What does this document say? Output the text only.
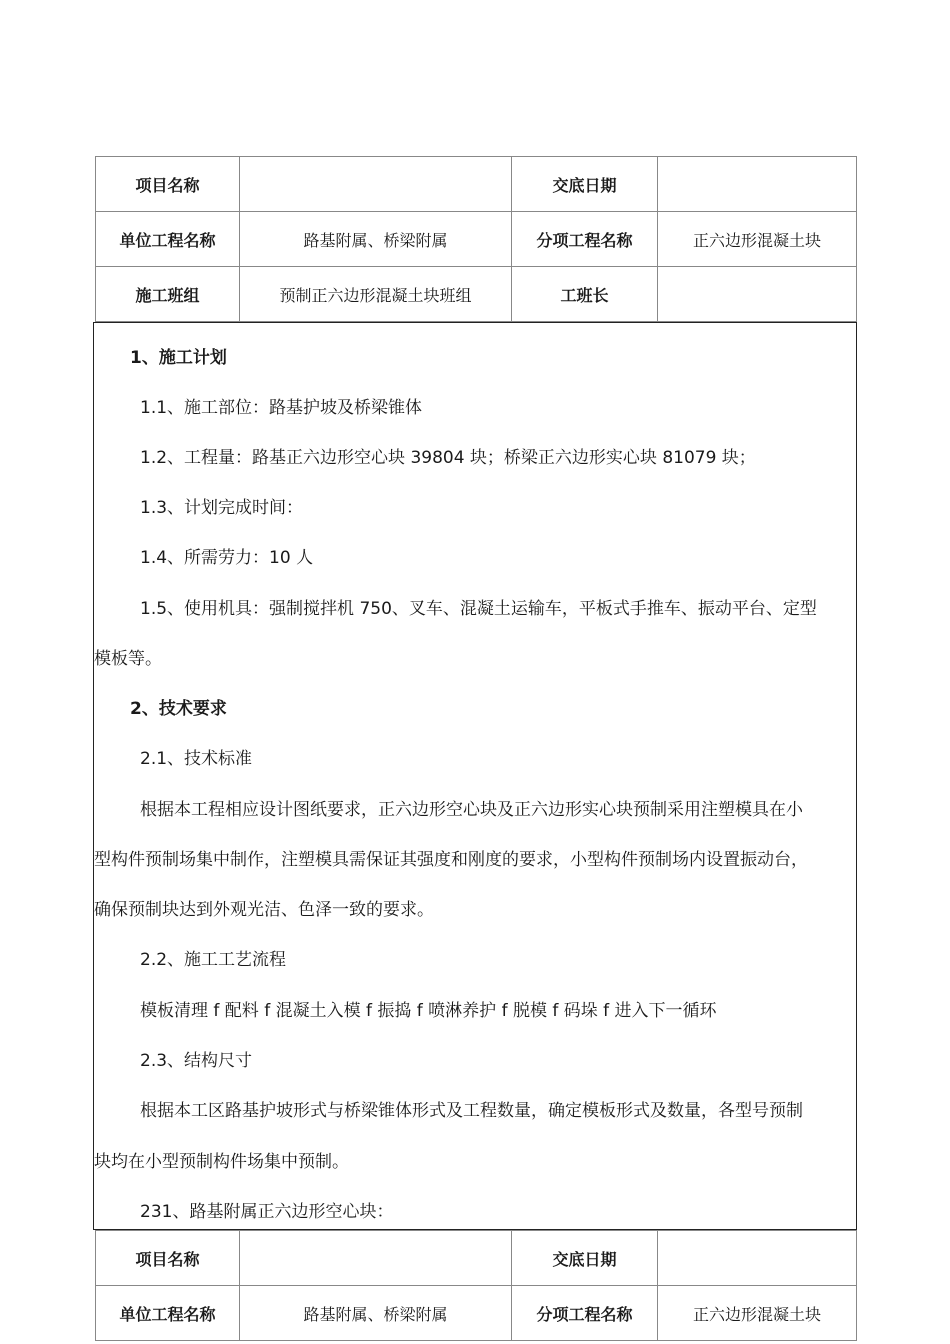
项目名称		交底日期	
单位工程名称	路基附属、桥梁附属	分项工程名称	正六边形混凝土块
施工班组	预制正六边形混凝土块班组	工班长	
1、施工计划
1.1、施工部位：路基护坡及桥梁锥体
1.2、工程量：路基正六边形空心块 39804 块；桥梁正六边形实心块 81079 块；
1.3、计划完成时间：
1.4、所需劳力：10 人
1.5、使用机具：强制搅拌机 750、叉车、混凝土运输车，平板式手推车、振动平台、定型
模板等。
2、技术要求
2.1、技术标准
根据本工程相应设计图纸要求，正六边形空心块及正六边形实心块预制采用注塑模具在小
型构件预制场集中制作，注塑模具需保证其强度和刚度的要求，小型构件预制场内设置振动台，
确保预制块达到外观光洁、色泽一致的要求。
2.2、施工工艺流程
模板清理 f 配料 f 混凝土入模 f 振捣 f 喷淋养护 f 脱模 f 码垛 f 进入下一循环
2.3、结构尺寸
根据本工区路基护坡形式与桥梁锥体形式及工程数量，确定模板形式及数量，各型号预制
块均在小型预制构件场集中预制。
231、路基附属正六边形空心块：
项目名称		交底日期	
单位工程名称	路基附属、桥梁附属	分项工程名称	正六边形混凝土块
